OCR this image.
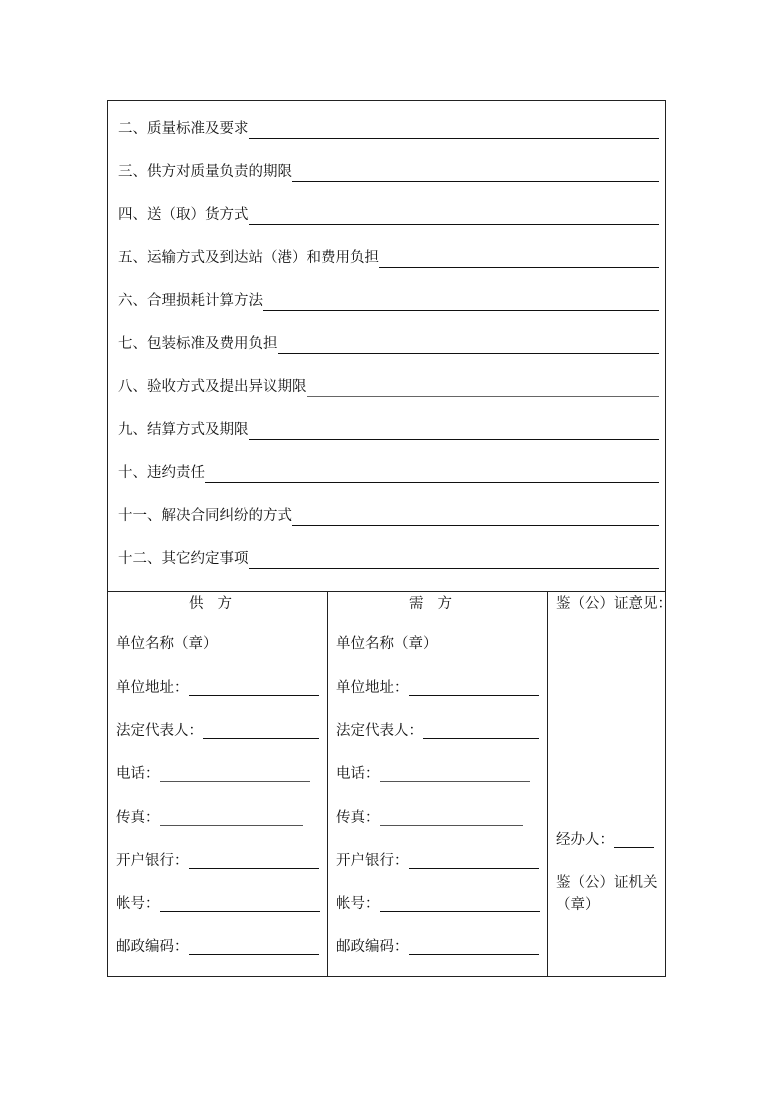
二、质量标准及要求
三、供方对质量负责的期限
四、送（取）货方式
五、运输方式及到达站（港）和费用负担
六、合理损耗计算方法
七、包装标准及费用负担
八、验收方式及提出异议期限
九、结算方式及期限
十、违约责任
十一、解决合同纠纷的方式
十二、其它约定事项
供方
单位名称（章）
单位地址：
法定代表人：
电话：
传真：
开户银行：
帐号：
邮政编码：
需方
单位名称（章）
单位地址：
法定代表人：
电话：
传真：
开户银行：
帐号：
邮政编码：
鉴（公）证意见：
经办人：
鉴（公）证机关（章）
